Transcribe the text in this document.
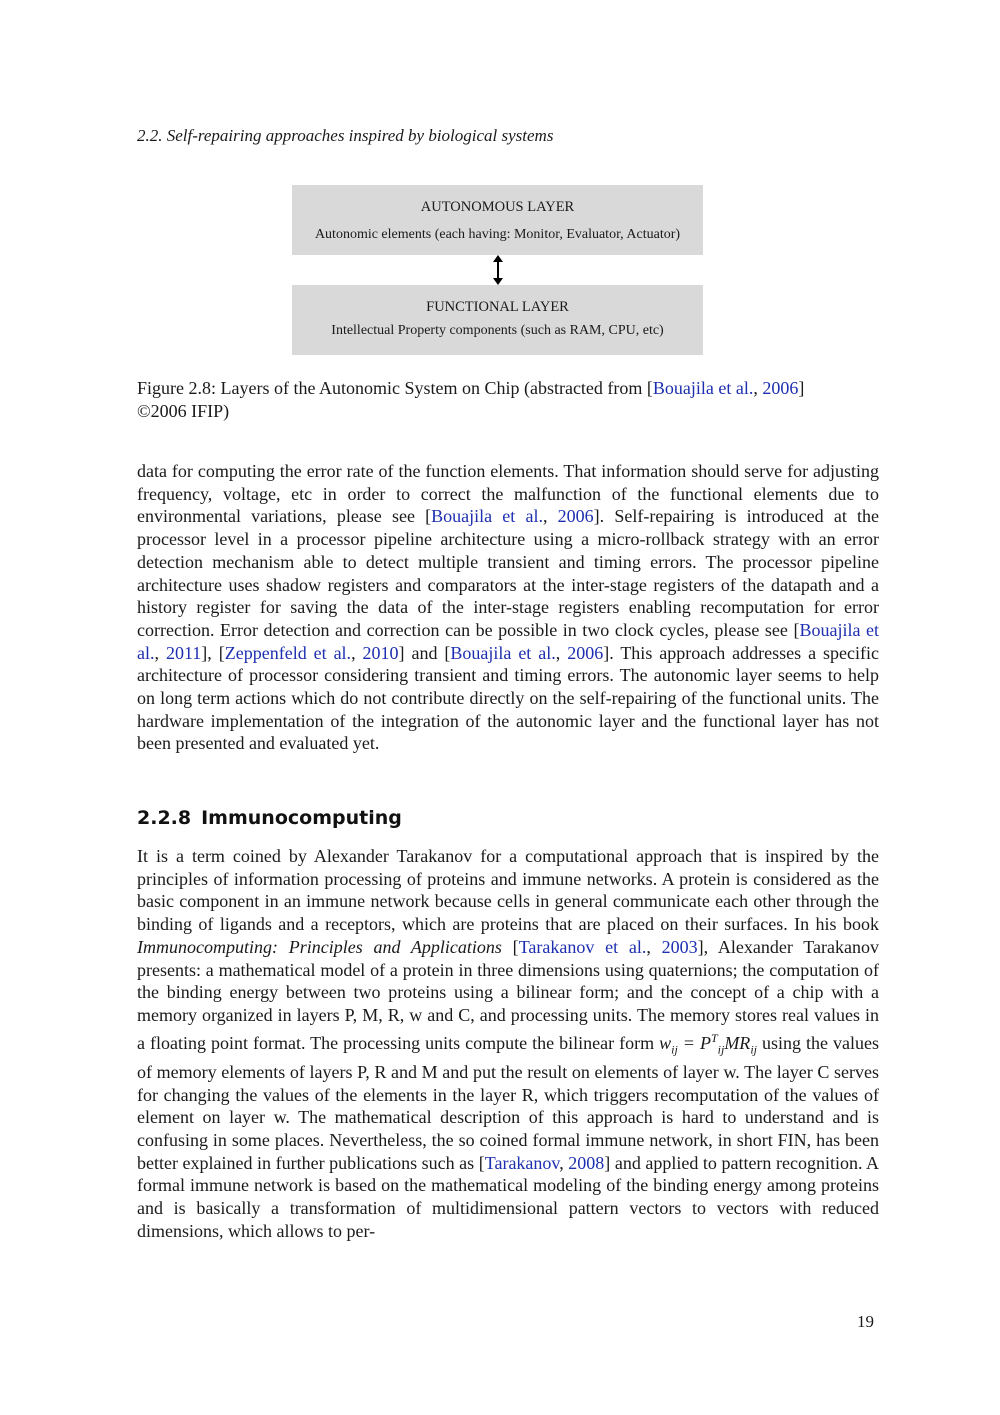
2.2. Self-repairing approaches inspired by biological systems
AUTONOMOUS LAYER
Autonomic elements (each having: Monitor, Evaluator, Actuator)
FUNCTIONAL LAYER
Intellectual Property components (such as RAM, CPU, etc)
Figure 2.8: Layers of the Autonomic System on Chip (abstracted from [Bouajila et al., 2006]
©2006 IFIP)
data for computing the error rate of the function elements. That information should serve for adjusting frequency, voltage, etc in order to correct the malfunction of the functional elements due to environmental variations, please see [Bouajila et al., 2006]. Self-repairing is introduced at the processor level in a processor pipeline architecture using a micro-rollback strategy with an error detection mechanism able to detect multiple transient and timing errors. The processor pipeline architecture uses shadow registers and comparators at the inter-stage registers of the datapath and a history register for saving the data of the inter-stage registers enabling recomputation for error correction. Error detection and correction can be possible in two clock cycles, please see [Bouajila et al., 2011], [Zeppenfeld et al., 2010] and [Bouajila et al., 2006]. This approach addresses a specific architecture of processor considering transient and timing errors. The autonomic layer seems to help on long term actions which do not contribute directly on the self-repairing of the functional units. The hardware implementation of the integration of the autonomic layer and the functional layer has not been presented and evaluated yet.
2.2.8 Immunocomputing
It is a term coined by Alexander Tarakanov for a computational approach that is inspired by the principles of information processing of proteins and immune networks. A protein is considered as the basic component in an immune network because cells in general communicate each other through the binding of ligands and a receptors, which are proteins that are placed on their surfaces. In his book Immunocomputing: Principles and Applications [Tarakanov et al., 2003], Alexander Tarakanov presents: a mathematical model of a protein in three dimensions using quaternions; the computation of the binding energy between two proteins using a bilinear form; and the concept of a chip with a memory organized in layers P, M, R, w and C, and processing units. The memory stores real values in a floating point format. The processing units compute the bilinear form $w_{ij} = P^T_{ij}MR_{ij}$ using the values of memory elements of layers P, R and M and put the result on elements of layer w. The layer C serves for changing the values of the elements in the layer R, which triggers recomputation of the values of element on layer w. The mathematical description of this approach is hard to understand and is confusing in some places. Nevertheless, the so coined formal immune network, in short FIN, has been better explained in further publications such as [Tarakanov, 2008] and applied to pattern recognition. A formal immune network is based on the mathematical modeling of the binding energy among proteins and is basically a transformation of multidimensional pattern vectors to vectors with reduced dimensions, which allows to per-
19
